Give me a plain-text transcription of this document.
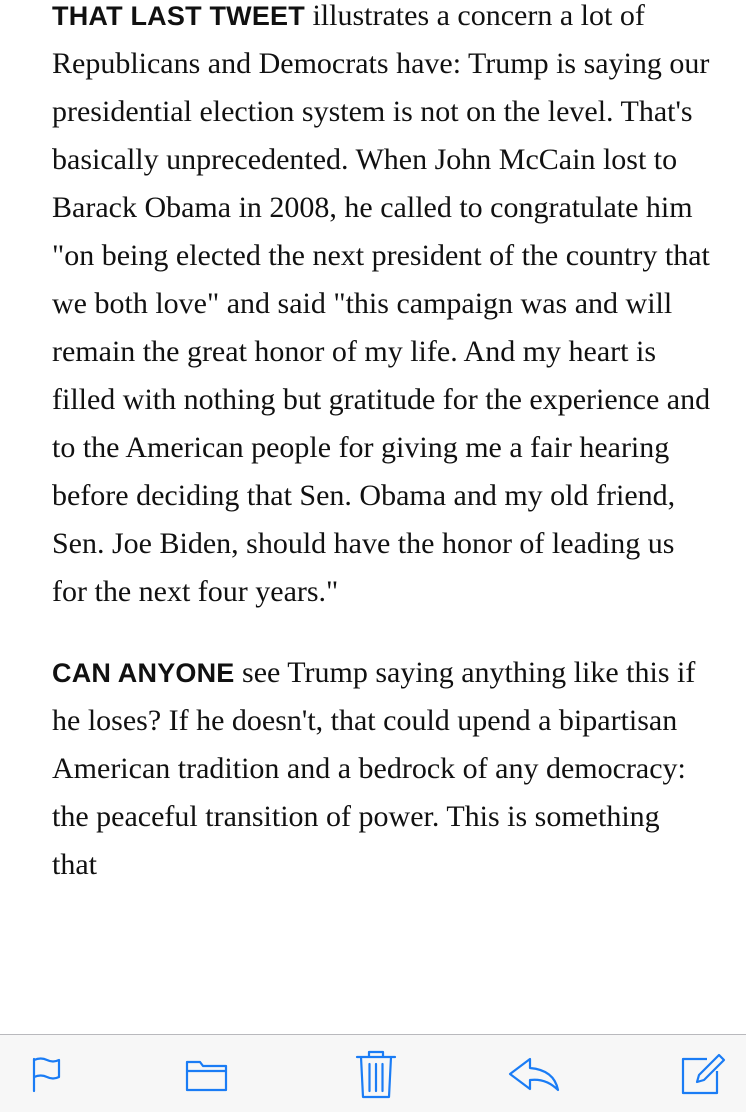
THAT LAST TWEET illustrates a concern a lot of Republicans and Democrats have: Trump is saying our presidential election system is not on the level. That's basically unprecedented. When John McCain lost to Barack Obama in 2008, he called to congratulate him "on being elected the next president of the country that we both love" and said "this campaign was and will remain the great honor of my life. And my heart is filled with nothing but gratitude for the experience and to the American people for giving me a fair hearing before deciding that Sen. Obama and my old friend, Sen. Joe Biden, should have the honor of leading us for the next four years."

CAN ANYONE see Trump saying anything like this if he loses? If he doesn't, that could upend a bipartisan American tradition and a bedrock of any democracy: the peaceful transition of power. This is something that
